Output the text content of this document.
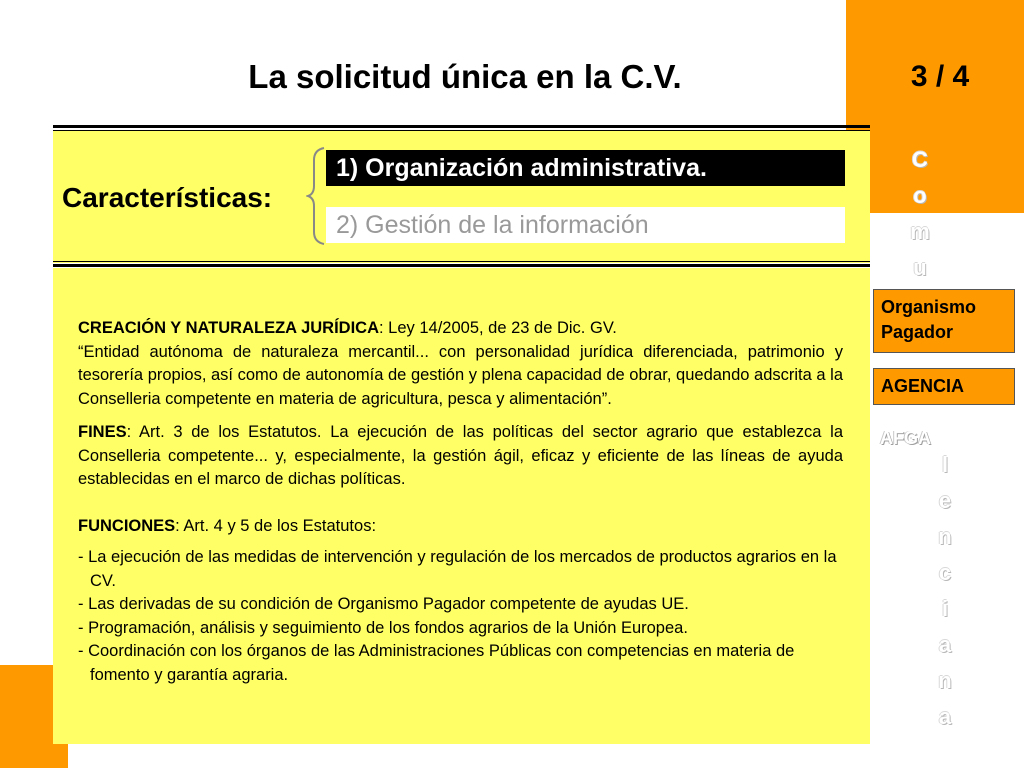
3 / 4
La solicitud única en la C.V.
Características:
1) Organización administrativa.
2) Gestión de la información

CREACIÓN Y NATURALEZA JURÍDICA: Ley 14/2005, de 23 de Dic. GV.

“Entidad autónoma de naturaleza mercantil... con personalidad jurídica diferenciada, patrimonio y tesorería propios, así como de autonomía de gestión y plena capacidad de obrar, quedando adscrita a la Conselleria competente en materia de agricultura, pesca y alimentación”.

FINES: Art. 3 de los Estatutos. La ejecución de las políticas del sector agrario que establezca la Conselleria competente... y, especialmente, la gestión ágil, eficaz y eficiente de las líneas de ayuda establecidas en el marco de dichas políticas.

FUNCIONES: Art. 4 y 5 de los Estatutos:

- La ejecución de las medidas de intervención y regulación de los mercados de productos agrarios en la CV.

- Las derivadas de su condición de Organismo Pagador competente de ayudas UE.

- Programación, análisis y seguimiento de los fondos agrarios de la Unión Europea.

- Coordinación con los órganos de las Administraciones Públicas con competencias en materia de fomento y garantía agraria.

C
o
m
u
l
e
n
c
i
a
n
a
Organismo
Pagador
AGENCIA
AFGA
